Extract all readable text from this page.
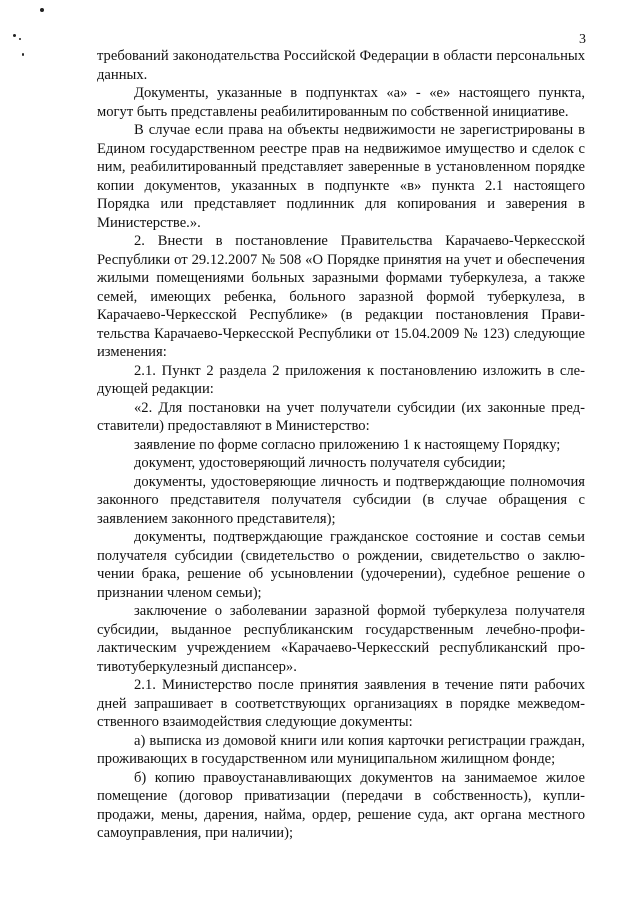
3

требований законодательства Российской Федерации в области персональных данных.

Документы, указанные в подпунктах «а» - «е» настоящего пункта, могут быть представлены реабилитированным по собственной инициативе.

В случае если права на объекты недвижимости не зарегистрированы в Едином государственном реестре прав на недвижимое имущество и сделок с ним, реабилитированный представляет заверенные в установленном порядке копии документов, указанных в подпункте «в» пункта 2.1 настоящего Порядка или представляет подлинник для копирования и заверения в Министерстве.».

2. Внести в постановление Правительства Карачаево-Черкесской Республики от 29.12.2007 № 508 «О Порядке принятия на учет и обеспечения жилыми помещениями больных заразными формами туберкулеза, а также семей, имеющих ребенка, больного заразной формой туберкулеза, в Карачаево-Черкесской Республике» (в редакции постановления Правительства Карачаево-Черкесской Республики от 15.04.2009 № 123) следующие изменения:

2.1. Пункт 2 раздела 2 приложения к постановлению изложить в следующей редакции:

«2. Для постановки на учет получатели субсидии (их законные представители) предоставляют в Министерство:

заявление по форме согласно приложению 1 к настоящему Порядку;

документ, удостоверяющий личность получателя субсидии;

документы, удостоверяющие личность и подтверждающие полномочия законного представителя получателя субсидии (в случае обращения с заявлением законного представителя);

документы, подтверждающие гражданское состояние и состав семьи получателя субсидии (свидетельство о рождении, свидетельство о заключении брака, решение об усыновлении (удочерении), судебное решение о признании членом семьи);

заключение о заболевании заразной формой туберкулеза получателя субсидии, выданное республиканским государственным лечебно-профилактическим учреждением «Карачаево-Черкесский республиканский противотуберкулезный диспансер».

2.1. Министерство после принятия заявления в течение пяти рабочих дней запрашивает в соответствующих организациях в порядке межведомственного взаимодействия следующие документы:

а) выписка из домовой книги или копия карточки регистрации граждан, проживающих в государственном или муниципальном жилищном фонде;

б) копию правоустанавливающих документов на занимаемое жилое помещение (договор приватизации (передачи в собственность), купли-продажи, мены, дарения, найма, ордер, решение суда, акт органа местного самоуправления, при наличии);
